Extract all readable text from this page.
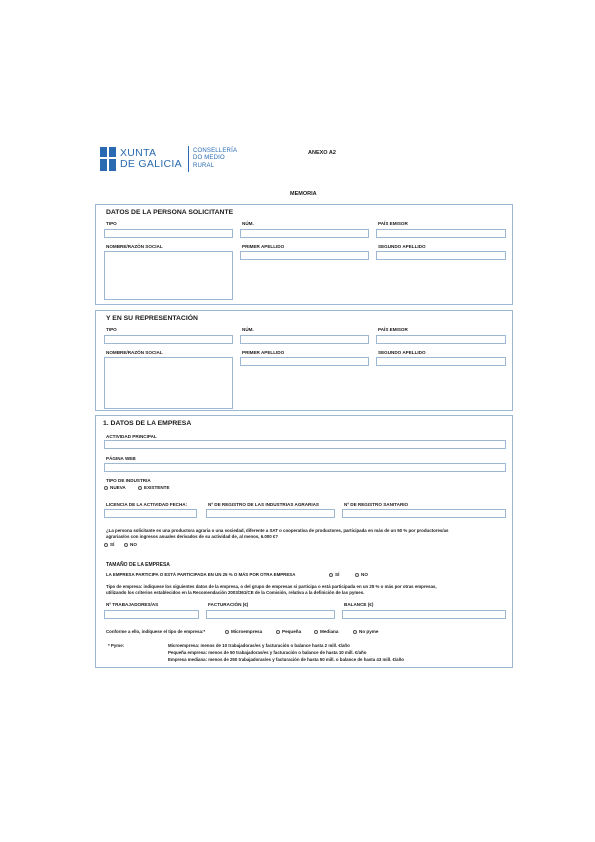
XUNTA
DE GALICIA
CONSELLERÍA
DO MEDIO
RURAL
ANEXO A2
MEMORIA
DATOS DE LA PERSONA SOLICITANTE
TIPO	NÚM.	PAÍS EMISOR
NOMBRE/RAZÓN SOCIAL	PRIMER APELLIDO	SEGUNDO APELLIDO
Y EN SU REPRESENTACIÓN
TIPO	NÚM.	PAÍS EMISOR
NOMBRE/RAZÓN SOCIAL	PRIMER APELLIDO	SEGUNDO APELLIDO
1. DATOS DE LA EMPRESA
ACTIVIDAD PRINCIPAL
PÁGINA WEB
TIPO DE INDUSTRIA
NUEVA	EXISTENTE
LICENCIA DE LA ACTIVIDAD FECHA:	Nº DE REGISTRO DE LAS INDUSTRIAS AGRARIAS	Nº DE REGISTRO SANITARIO
¿La persona solicitante es una productora agraria o una sociedad, diferente a SAT o cooperativa de productores, participada en más de un 50 % por productores/as
agrarias/os con ingresos anuales derivados de su actividad de, al menos, 6.000 €?
SÍ	NO
TAMAÑO DE LA EMPRESA
LA EMPRESA PARTICIPA O ESTÁ PARTICIPADA EN UN 25 % O MÁS POR OTRA EMPRESA	SÍ	NO
Tipo de empresa: indiquese los siguientes datos de la empresa, o del grupo de empresas si participa o está participada en un 25 % o más por otras empresas,
utilizando los criterios establecidos en la Recomendación 2003/361/CE de la Comisión, relativa a la definición de las pymes.
Nº TRABAJADORES/AS	FACTURACIÓN (€)	BALANCE (€)
Conforme a ello, indíquese el tipo de empresa:*	Microempresa	Pequeña	Mediana	No pyme
* Pyme:	Microempresa: menos de 10 trabajadoras/es y facturación o balance hasta 2 mill. €/año
Pequeña empresa: menos de 50 trabajadoras/es y facturación o balance de hasta 10 mill. €/año
Empresa mediana: menos de 250 trabajadoras/es y facturación de hasta 50 mill. o balance de hasta 43 mill. €/año
